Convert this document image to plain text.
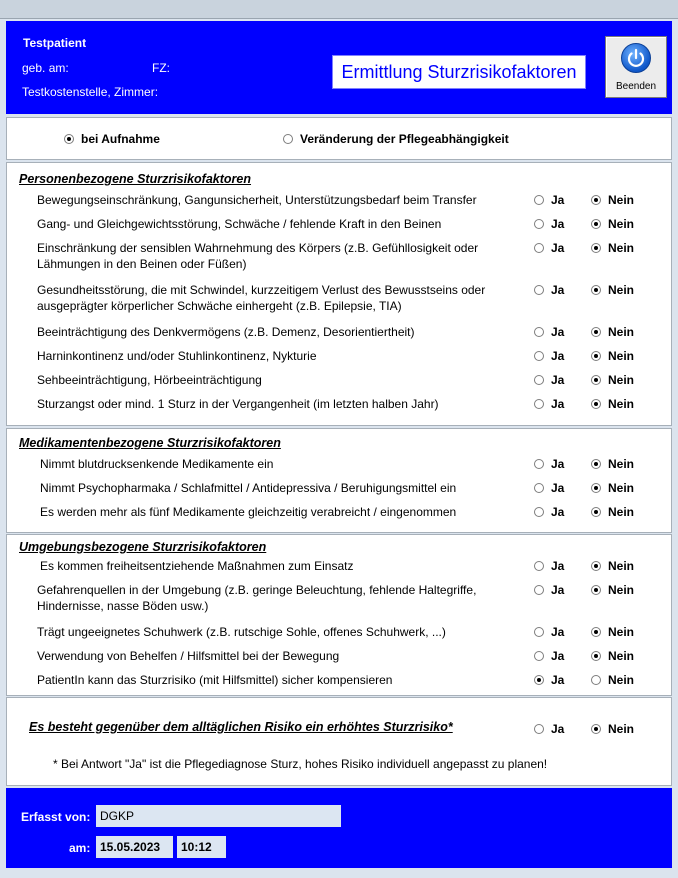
Testpatient
geb. am:	FZ:
Testkostenstelle, Zimmer:
Ermittlung Sturzrisikofaktoren
Beenden
bei Aufnahme	Veränderung der Pflegeabhängigkeit
Personenbezogene Sturzrisikofaktoren
Bewegungseinschränkung, Gangunsicherheit, Unterstützungsbedarf beim Transfer	Ja	Nein
Gang- und Gleichgewichtsstörung, Schwäche / fehlende Kraft in den Beinen	Ja	Nein
Einschränkung der sensiblen Wahrnehmung des Körpers (z.B. Gefühllosigkeit oder Lähmungen in den Beinen oder Füßen)
Ja	Nein
Gesundheitsstörung, die mit Schwindel, kurzzeitigem Verlust des Bewusstseins oder ausgeprägter körperlicher Schwäche einhergeht (z.B. Epilepsie, TIA)
Ja	Nein
Beeinträchtigung des Denkvermögens (z.B. Demenz, Desorientiertheit)	Ja	Nein
Harninkontinenz und/oder Stuhlinkontinenz, Nykturie	Ja	Nein
Sehbeeinträchtigung, Hörbeeinträchtigung	Ja	Nein
Sturzangst oder mind. 1 Sturz in der Vergangenheit (im letzten halben Jahr)	Ja	Nein
Medikamentenbezogene Sturzrisikofaktoren
Nimmt blutdrucksenkende Medikamente ein	Ja	Nein
Nimmt Psychopharmaka / Schlafmittel / Antidepressiva / Beruhigungsmittel ein	Ja	Nein
Es werden mehr als fünf Medikamente gleichzeitig verabreicht / eingenommen	Ja	Nein
Umgebungsbezogene Sturzrisikofaktoren
Es kommen freiheitsentziehende Maßnahmen zum Einsatz	Ja	Nein
Gefahrenquellen in der Umgebung (z.B. geringe Beleuchtung, fehlende Haltegriffe, Hindernisse, nasse Böden usw.)
Ja	Nein
Trägt ungeeignetes Schuhwerk (z.B. rutschige Sohle, offenes Schuhwerk, ...)	Ja	Nein
Verwendung von Behelfen / Hilfsmittel bei der Bewegung	Ja	Nein
PatientIn kann das Sturzrisiko (mit Hilfsmittel) sicher kompensieren	Ja	Nein
Es besteht gegenüber dem alltäglichen Risiko ein erhöhtes Sturzrisiko*	Ja	Nein
* Bei Antwort "Ja" ist die Pflegediagnose Sturz, hohes Risiko individuell angepasst zu planen!
Erfasst von: DGKP
am: 15.05.2023	10:12
